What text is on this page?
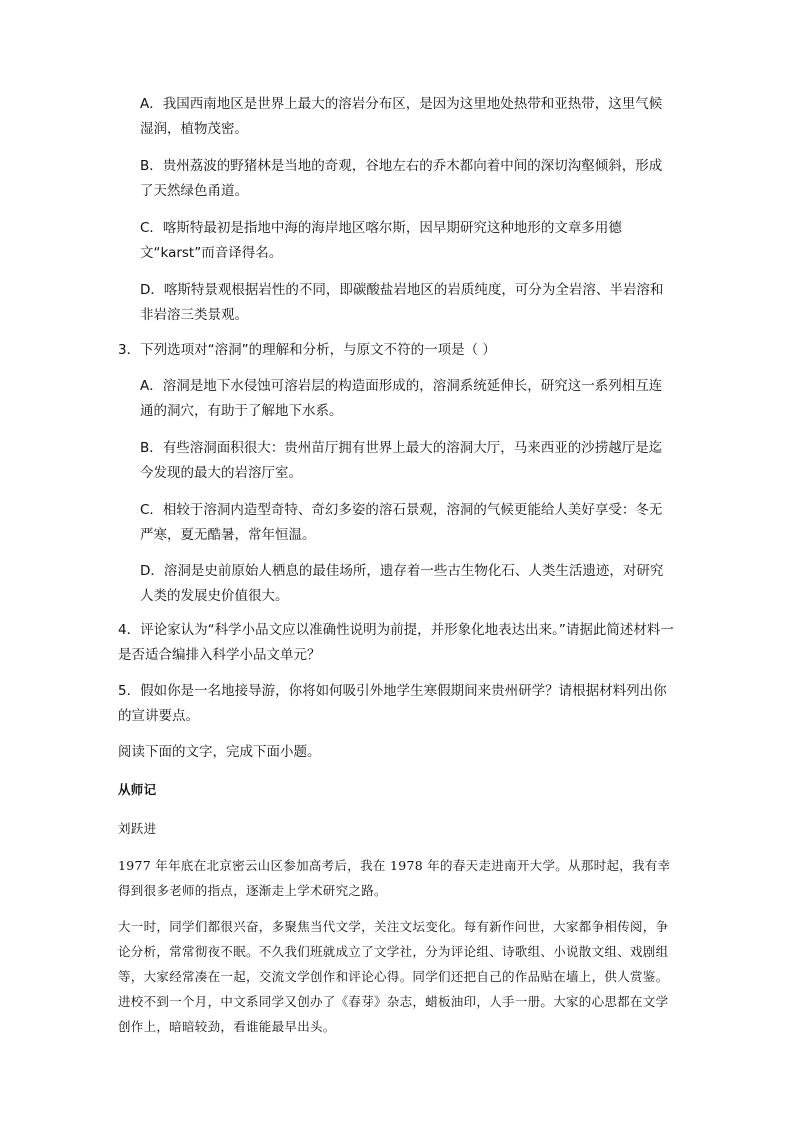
A．我国西南地区是世界上最大的溶岩分布区，是因为这里地处热带和亚热带，这里气候湿润，植物茂密。

B．贵州荔波的野猪林是当地的奇观，谷地左右的乔木都向着中间的深切沟壑倾斜，形成了天然绿色甬道。

C．喀斯特最初是指地中海的海岸地区喀尔斯，因早期研究这种地形的文章多用德文“karst”而音译得名。

D．喀斯特景观根据岩性的不同，即碳酸盐岩地区的岩质纯度，可分为全岩溶、半岩溶和非岩溶三类景观。

3．下列选项对“溶洞”的理解和分析，与原文不符的一项是（ ）

A．溶洞是地下水侵蚀可溶岩层的构造面形成的，溶洞系统延伸长，研究这一系列相互连通的洞穴，有助于了解地下水系。

B．有些溶洞面积很大：贵州苗厅拥有世界上最大的溶洞大厅，马来西亚的沙捞越厅是迄今发现的最大的岩溶厅室。

C．相较于溶洞内造型奇特、奇幻多姿的溶石景观，溶洞的气候更能给人美好享受：冬无严寒，夏无酷暑，常年恒温。

D．溶洞是史前原始人栖息的最佳场所，遗存着一些古生物化石、人类生活遗迹，对研究人类的发展史价值很大。

4．评论家认为“科学小品文应以准确性说明为前提，并形象化地表达出来。”请据此简述材料一是否适合编排入科学小品文单元？

5．假如你是一名地接导游，你将如何吸引外地学生寒假期间来贵州研学？请根据材料列出你的宣讲要点。

阅读下面的文字，完成下面小题。

从师记

刘跃进

1977 年年底在北京密云山区参加高考后，我在 1978 年的春天走进南开大学。从那时起，我有幸得到很多老师的指点，逐渐走上学术研究之路。

大一时，同学们都很兴奋，多聚焦当代文学，关注文坛变化。每有新作问世，大家都争相传阅，争论分析，常常彻夜不眠。不久我们班就成立了文学社，分为评论组、诗歌组、小说散文组、戏剧组等，大家经常凑在一起，交流文学创作和评论心得。同学们还把自己的作品贴在墙上，供人赏鉴。进校不到一个月，中文系同学又创办了《春芽》杂志，蜡板油印，人手一册。大家的心思都在文学创作上，暗暗较劲，看谁能最早出头。
